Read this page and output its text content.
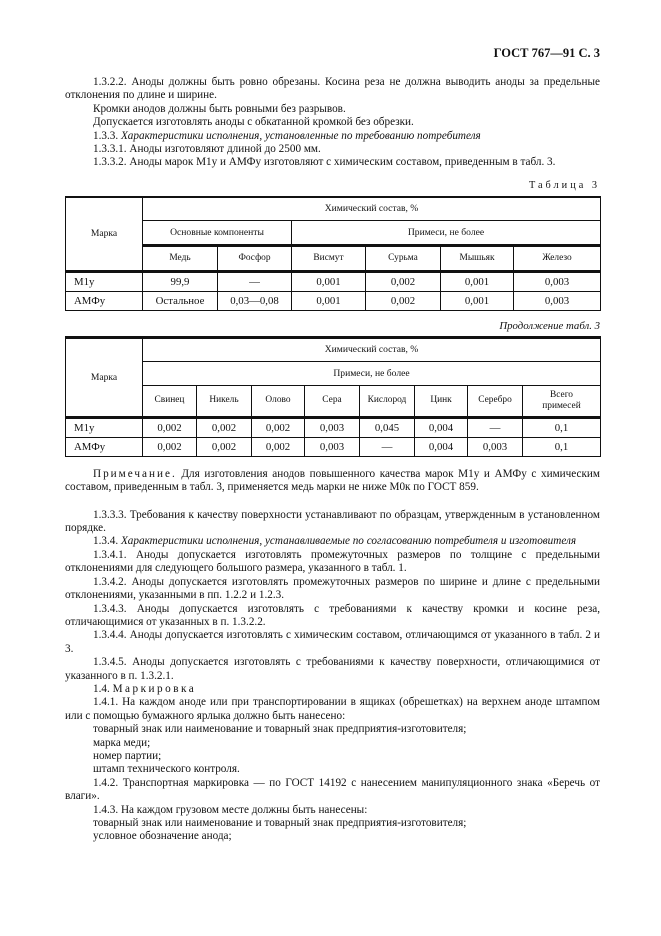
ГОСТ 767—91 С. 3

1.3.2.2. Аноды должны быть ровно обрезаны. Косина реза не должна выводить аноды за предельные отклонения по длине и ширине.

Кромки анодов должны быть ровными без разрывов.

Допускается изготовлять аноды с обкатанной кромкой без обрезки.

1.3.3. Характеристики исполнения, установленные по требованию потребителя

1.3.3.1. Аноды изготовляют длиной до 2500 мм.

1.3.3.2. Аноды марок М1у и АМФу изготовляют с химическим составом, приведенным в табл. 3.

Таблица 3
Марка	Химический состав, %					
	Основные компоненты		Примеси, не более			
	Медь	Фосфор	Висмут	Сурьма	Мышьяк	Железо
М1у	99,9	—	0,001	0,002	0,001	0,003
АМФу	Остальное	0,03—0,08	0,001	0,002	0,001	0,003
Продолжение табл. 3
Марка	Химический состав, %							
	Примеси, не более							
	Свинец	Никель	Олово	Сера	Кислород	Цинк	Серебро	Всего примесей
М1у	0,002	0,002	0,002	0,003	0,045	0,004	—	0,1
АМФу	0,002	0,002	0,002	0,003	—	0,004	0,003	0,1

Примечание. Для изготовления анодов повышенного качества марок М1у и АМФу с химическим составом, приведенным в табл. 3, применяется медь марки не ниже М0к по ГОСТ 859.

1.3.3.3. Требования к качеству поверхности устанавливают по образцам, утвержденным в установленном порядке.

1.3.4. Характеристики исполнения, устанавливаемые по согласованию потребителя и изготовителя

1.3.4.1. Аноды допускается изготовлять промежуточных размеров по толщине с предельными отклонениями для следующего большого размера, указанного в табл. 1.

1.3.4.2. Аноды допускается изготовлять промежуточных размеров по ширине и длине с предельными отклонениями, указанными в пп. 1.2.2 и 1.2.3.

1.3.4.3. Аноды допускается изготовлять с требованиями к качеству кромки и косине реза, отличающимися от указанных в п. 1.3.2.2.

1.3.4.4. Аноды допускается изготовлять с химическим составом, отличающимся от указанного в табл. 2 и 3.

1.3.4.5. Аноды допускается изготовлять с требованиями к качеству поверхности, отличающимися от указанного в п. 1.3.2.1.

1.4. Маркировка

1.4.1. На каждом аноде или при транспортировании в ящиках (обрешетках) на верхнем аноде штампом или с помощью бумажного ярлыка должно быть нанесено:

товарный знак или наименование и товарный знак предприятия-изготовителя;

марка меди;

номер партии;

штамп технического контроля.

1.4.2. Транспортная маркировка — по ГОСТ 14192 с нанесением манипуляционного знака «Беречь от влаги».

1.4.3. На каждом грузовом месте должны быть нанесены:

товарный знак или наименование и товарный знак предприятия-изготовителя;

условное обозначение анода;
